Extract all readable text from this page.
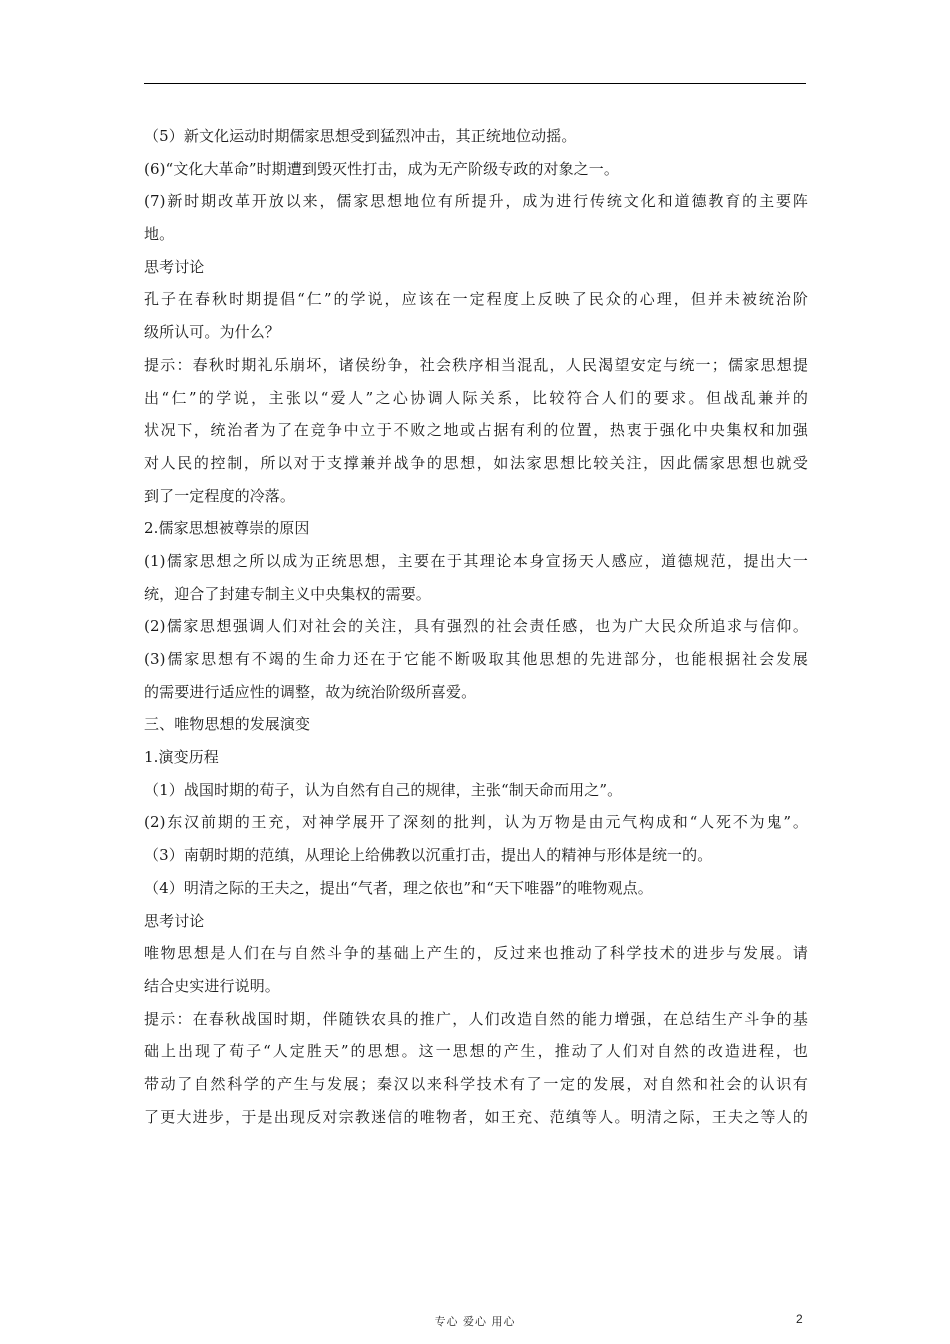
（5）新文化运动时期儒家思想受到猛烈冲击，其正统地位动摇。
(6)“文化大革命”时期遭到毁灭性打击，成为无产阶级专政的对象之一。
(7)新时期改革开放以来，儒家思想地位有所提升，成为进行传统文化和道德教育的主要阵
地。
思考讨论
孔子在春秋时期提倡“仁”的学说，应该在一定程度上反映了民众的心理，但并未被统治阶
级所认可。为什么？
提示：春秋时期礼乐崩坏，诸侯纷争，社会秩序相当混乱，人民渴望安定与统一；儒家思想提
出“仁”的学说，主张以“爱人”之心协调人际关系，比较符合人们的要求。但战乱兼并的
状况下，统治者为了在竞争中立于不败之地或占据有利的位置，热衷于强化中央集权和加强
对人民的控制，所以对于支撑兼并战争的思想，如法家思想比较关注，因此儒家思想也就受
到了一定程度的冷落。
2.儒家思想被尊崇的原因
(1)儒家思想之所以成为正统思想，主要在于其理论本身宣扬天人感应，道德规范，提出大一
统，迎合了封建专制主义中央集权的需要。
(2)儒家思想强调人们对社会的关注，具有强烈的社会责任感，也为广大民众所追求与信仰。
(3)儒家思想有不竭的生命力还在于它能不断吸取其他思想的先进部分，也能根据社会发展
的需要进行适应性的调整，故为统治阶级所喜爱。
三、唯物思想的发展演变
1.演变历程
（1）战国时期的荀子，认为自然有自己的规律，主张“制天命而用之”。
(2)东汉前期的王充，对神学展开了深刻的批判，认为万物是由元气构成和“人死不为鬼”。
（3）南朝时期的范缜，从理论上给佛教以沉重打击，提出人的精神与形体是统一的。
（4）明清之际的王夫之，提出“气者，理之依也”和“天下唯器”的唯物观点。
思考讨论
唯物思想是人们在与自然斗争的基础上产生的，反过来也推动了科学技术的进步与发展。请
结合史实进行说明。
提示：在春秋战国时期，伴随铁农具的推广，人们改造自然的能力增强，在总结生产斗争的基
础上出现了荀子“人定胜天”的思想。这一思想的产生，推动了人们对自然的改造进程，也
带动了自然科学的产生与发展；秦汉以来科学技术有了一定的发展，对自然和社会的认识有
了更大进步，于是出现反对宗教迷信的唯物者，如王充、范缜等人。明清之际，王夫之等人的
专心 爱心 用心	2
